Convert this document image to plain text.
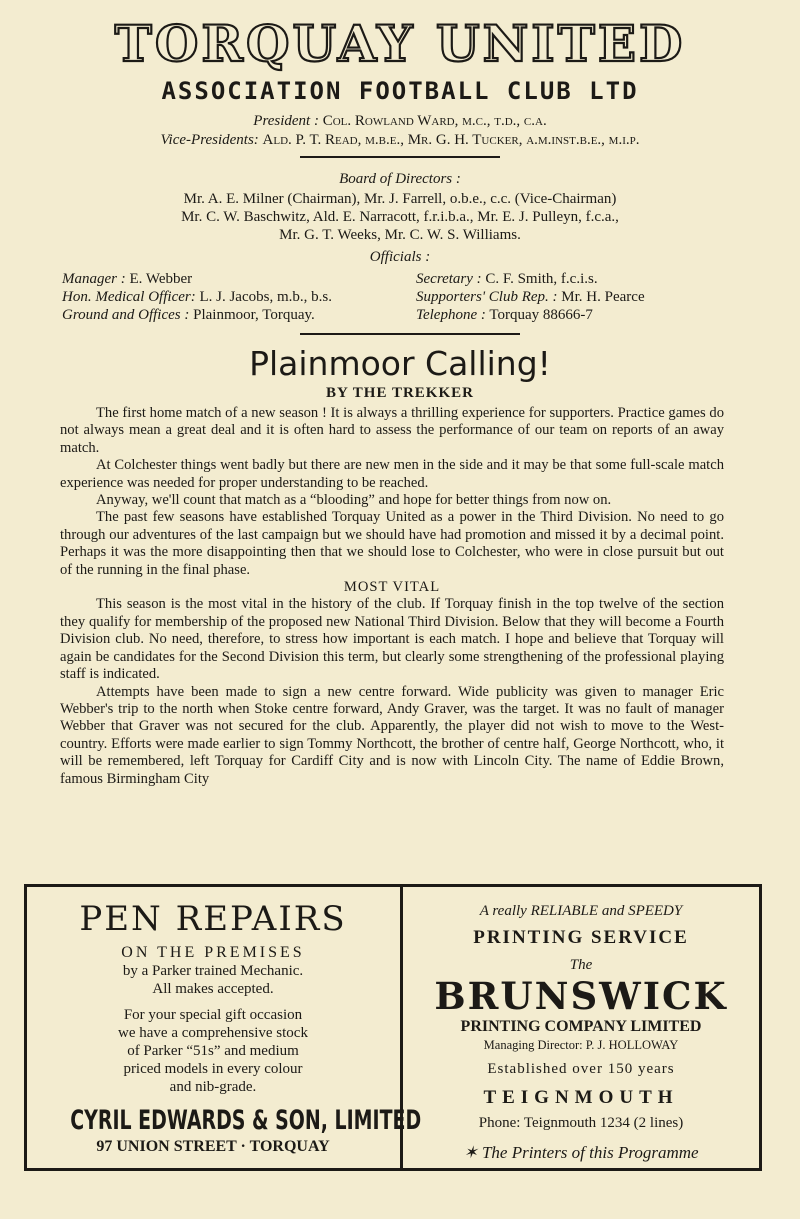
TORQUAY UNITED
ASSOCIATION FOOTBALL CLUB LTD
President : Col. Rowland Ward, m.c., t.d., c.a.
Vice-Presidents: Ald. P. T. Read, m.b.e., Mr. G. H. Tucker, a.m.inst.b.e., m.i.p.
Board of Directors :
Mr. A. E. Milner (Chairman), Mr. J. Farrell, o.b.e., c.c. (Vice-Chairman)
Mr. C. W. Baschwitz, Ald. E. Narracott, f.r.i.b.a., Mr. E. J. Pulleyn, f.c.a.,
Mr. G. T. Weeks, Mr. C. W. S. Williams.
Officials :
Manager : E. Webber
Hon. Medical Officer: L. J. Jacobs, m.b., b.s.
Ground and Offices : Plainmoor, Torquay.
Secretary : C. F. Smith, f.c.i.s.
Supporters' Club Rep. : Mr. H. Pearce
Telephone : Torquay 88666-7
Plainmoor Calling!
BY THE TREKKER

The first home match of a new season ! It is always a thrilling experience for supporters. Practice games do not always mean a great deal and it is often hard to assess the performance of our team on reports of an away match.

At Colchester things went badly but there are new men in the side and it may be that some full-scale match experience was needed for proper understanding to be reached.

Anyway, we'll count that match as a “blooding” and hope for better things from now on.

The past few seasons have established Torquay United as a power in the Third Division. No need to go through our adventures of the last campaign but we should have had promotion and missed it by a decimal point. Perhaps it was the more disappointing then that we should lose to Colchester, who were in close pursuit but out of the running in the final phase.

MOST VITAL

This season is the most vital in the history of the club. If Torquay finish in the top twelve of the section they qualify for membership of the proposed new National Third Division. Below that they will become a Fourth Division club. No need, therefore, to stress how important is each match. I hope and believe that Torquay will again be candidates for the Second Division this term, but clearly some strengthening of the professional playing staff is indicated.

Attempts have been made to sign a new centre forward. Wide publicity was given to manager Eric Webber's trip to the north when Stoke centre forward, Andy Graver, was the target. It was no fault of manager Webber that Graver was not secured for the club. Apparently, the player did not wish to move to the West-country. Efforts were made earlier to sign Tommy Northcott, the brother of centre half, George Northcott, who, it will be remembered, left Torquay for Cardiff City and is now with Lincoln City. The name of Eddie Brown, famous Birmingham City

PEN REPAIRS
ON THE PREMISES
by a Parker trained Mechanic.
All makes accepted.
For your special gift occasion
we have a comprehensive stock
of Parker “51s” and medium
priced models in every colour
and nib-grade.
CYRIL EDWARDS & SON, LIMITED
97 UNION STREET · TORQUAY
A really RELIABLE and SPEEDY
PRINTING SERVICE
The
BRUNSWICK
PRINTING COMPANY LIMITED
Managing Director: P. J. HOLLOWAY
Established over 150 years
TEIGNMOUTH
Phone: Teignmouth 1234 (2 lines)
✶ The Printers of this Programme
